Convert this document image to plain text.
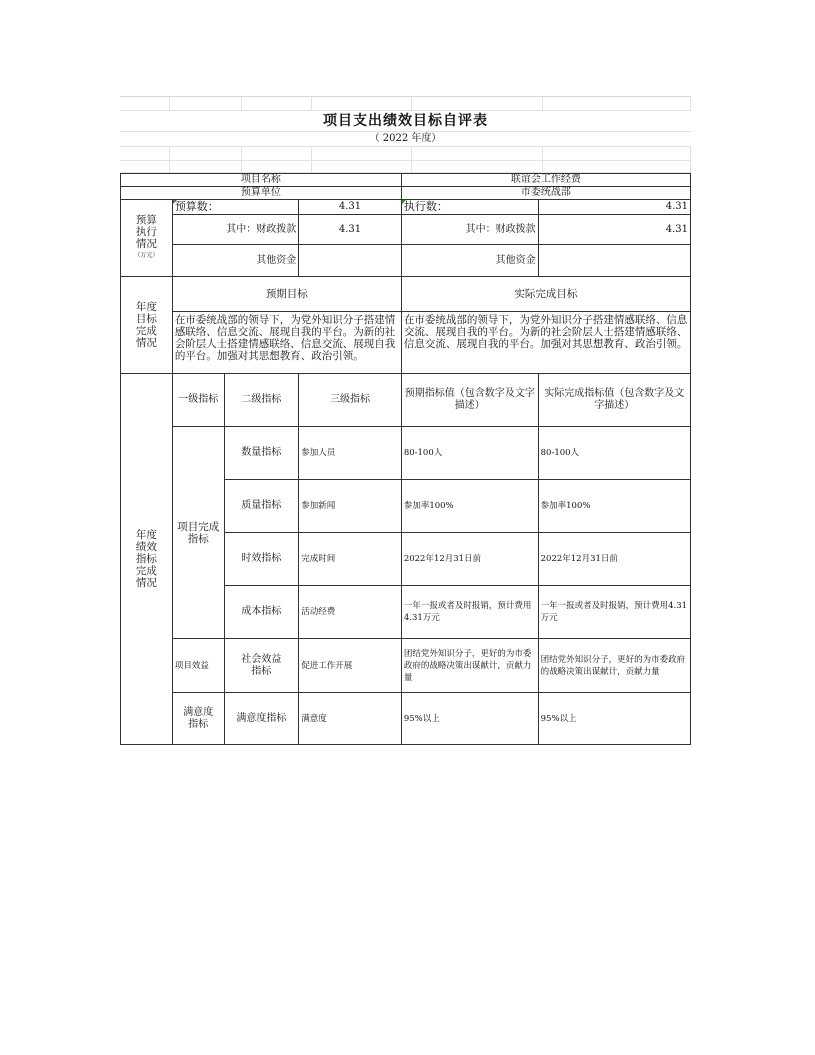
项目支出绩效目标自评表
（ 2022 年度）
项目名称				联谊会工作经费	
预算单位				市委统战部	

预算执行情况
（万元）	预算数：		4.31	执行数：	4.31
	其中：财政拨款		4.31	其中：财政拨款	4.31
	其他资金			其他资金	

年度目标完成情况	预期目标			实际完成目标	
	在市委统战部的领导下，为党外知识分子搭建情感联络、信息交流、展现自我的平台。为新的社会阶层人士搭建情感联络、信息交流、展现自我的平台。加强对其思想教育、政治引领。			在市委统战部的领导下，为党外知识分子搭建情感联络、信息交流、展现自我的平台。为新的社会阶层人士搭建情感联络、信息交流、展现自我的平台。加强对其思想教育、政治引领。	

年度绩效指标完成情况	一级指标	二级指标	三级指标	预期指标值（包含数字及文字描述）	实际完成指标值（包含数字及文字描述）

	项目完成指标	数量指标	参加人员	80-100人	80-100人
		质量指标	参加新闻	参加率100%	参加率100%
		时效指标	完成时间	2022年12月31日前	2022年12月31日前
		成本指标	活动经费	一年一报或者及时报销，预计费用4.31万元	一年一报或者及时报销，预计费用4.31万元
	项目效益	社会效益指标	促进工作开展	团结党外知识分子，更好的为市委政府的战略决策出谋献计，贡献力量	团结党外知识分子，更好的为市委政府的战略决策出谋献计，贡献力量

	满意度指标	满意度指标	满意度	95%以上	95%以上
